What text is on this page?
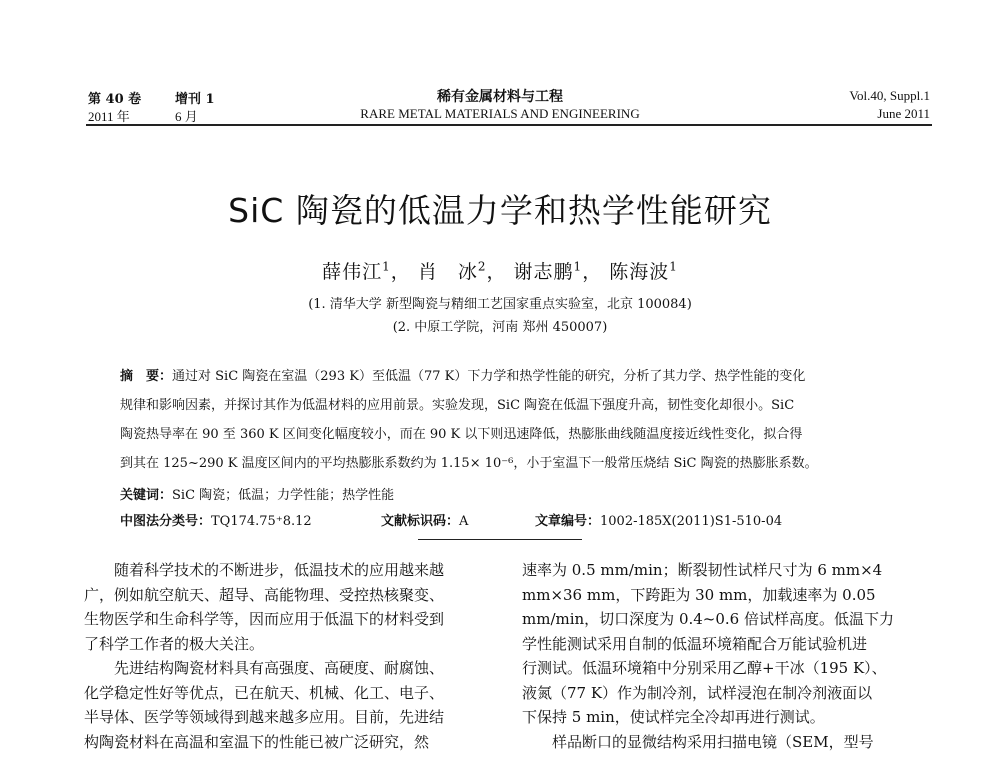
第 40 卷	增刊 1
2011 年	6 月
稀有金属材料与工程
RARE METAL MATERIALS AND ENGINEERING
Vol.40, Suppl.1
June 2011
SiC 陶瓷的低温力学和热学性能研究
薛伟江$^1$， 肖　冰$^2$， 谢志鹏$^1$， 陈海波$^1$
(1. 清华大学 新型陶瓷与精细工艺国家重点实验室，北京 100084)
(2. 中原工学院，河南 郑州 450007)
摘　要：通过对 SiC 陶瓷在室温（293 K）至低温（77 K）下力学和热学性能的研究，分析了其力学、热学性能的变化
规律和影响因素，并探讨其作为低温材料的应用前景。实验发现，SiC 陶瓷在低温下强度升高，韧性变化却很小。SiC
陶瓷热导率在 90 至 360 K 区间变化幅度较小，而在 90 K 以下则迅速降低，热膨胀曲线随温度接近线性变化，拟合得
到其在 125~290 K 温度区间内的平均热膨胀系数约为 1.15× 10⁻⁶，小于室温下一般常压烧结 SiC 陶瓷的热膨胀系数。
关键词：SiC 陶瓷；低温；力学性能；热学性能
中图法分类号：TQ174.75⁺8.12	文献标识码：A	文章编号：1002-185X(2011)S1-510-04

随着科学技术的不断进步，低温技术的应用越来越

广，例如航空航天、超导、高能物理、受控热核聚变、

生物医学和生命科学等，因而应用于低温下的材料受到

了科学工作者的极大关注。

先进结构陶瓷材料具有高强度、高硬度、耐腐蚀、

化学稳定性好等优点，已在航天、机械、化工、电子、

半导体、医学等领域得到越来越多应用。目前，先进结

构陶瓷材料在高温和室温下的性能已被广泛研究，然

速率为 0.5 mm/min；断裂韧性试样尺寸为 6 mm×4

mm×36 mm，下跨距为 30 mm，加载速率为 0.05

mm/min，切口深度为 0.4~0.6 倍试样高度。低温下力

学性能测试采用自制的低温环境箱配合万能试验机进

行测试。低温环境箱中分别采用乙醇+干冰（195 K）、

液氮（77 K）作为制冷剂，试样浸泡在制冷剂液面以

下保持 5 min，使试样完全冷却再进行测试。

样品断口的显微结构采用扫描电镜（SEM，型号
